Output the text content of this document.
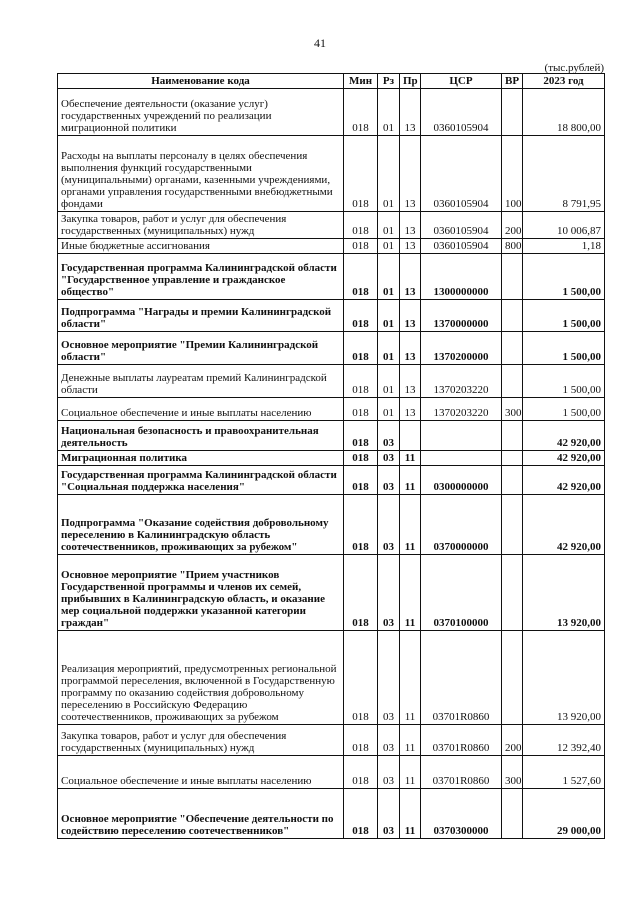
41
(тыс.рублей)
Наименование кода	Мин	Рз	Пр	ЦСР	ВР	2023 год
Обеспечение деятельности (оказание услуг) государственных учреждений по реализации миграционной политики	018	01	13	0360105904		18 800,00
Расходы на выплаты персоналу в целях обеспечения выполнения функций государственными (муниципальными) органами, казенными учреждениями, органами управления государственными внебюджетными фондами	018	01	13	0360105904	100	8 791,95
Закупка товаров, работ и услуг для обеспечения государственных (муниципальных) нужд	018	01	13	0360105904	200	10 006,87
Иные бюджетные ассигнования	018	01	13	0360105904	800	1,18
Государственная программа Калининградской области "Государственное управление и гражданское общество"	018	01	13	1300000000		1 500,00
Подпрограмма "Награды и премии Калининградской области"	018	01	13	1370000000		1 500,00
Основное мероприятие "Премии Калининградской области"	018	01	13	1370200000		1 500,00
Денежные выплаты лауреатам премий Калининградской области	018	01	13	1370203220		1 500,00
Социальное обеспечение и иные выплаты населению	018	01	13	1370203220	300	1 500,00
Национальная безопасность и правоохранительная деятельность	018	03				42 920,00
Миграционная политика	018	03	11			42 920,00
Государственная программа Калининградской области "Социальная поддержка населения"	018	03	11	0300000000		42 920,00
Подпрограмма "Оказание содействия добровольному переселению в Калининградскую область соотечественников, проживающих за рубежом"	018	03	11	0370000000		42 920,00
Основное мероприятие "Прием участников Государственной программы и членов их семей, прибывших в Калининградскую область, и оказание мер социальной поддержки указанной категории граждан"	018	03	11	0370100000		13 920,00
Реализация мероприятий, предусмотренных региональной программой переселения, включенной в Государственную программу по оказанию содействия добровольному переселению в Российскую Федерацию соотечественников, проживающих за рубежом	018	03	11	03701R0860		13 920,00
Закупка товаров, работ и услуг для обеспечения государственных (муниципальных) нужд	018	03	11	03701R0860	200	12 392,40
Социальное обеспечение и иные выплаты населению	018	03	11	03701R0860	300	1 527,60
Основное мероприятие "Обеспечение деятельности по содействию переселению соотечественников"	018	03	11	0370300000		29 000,00
